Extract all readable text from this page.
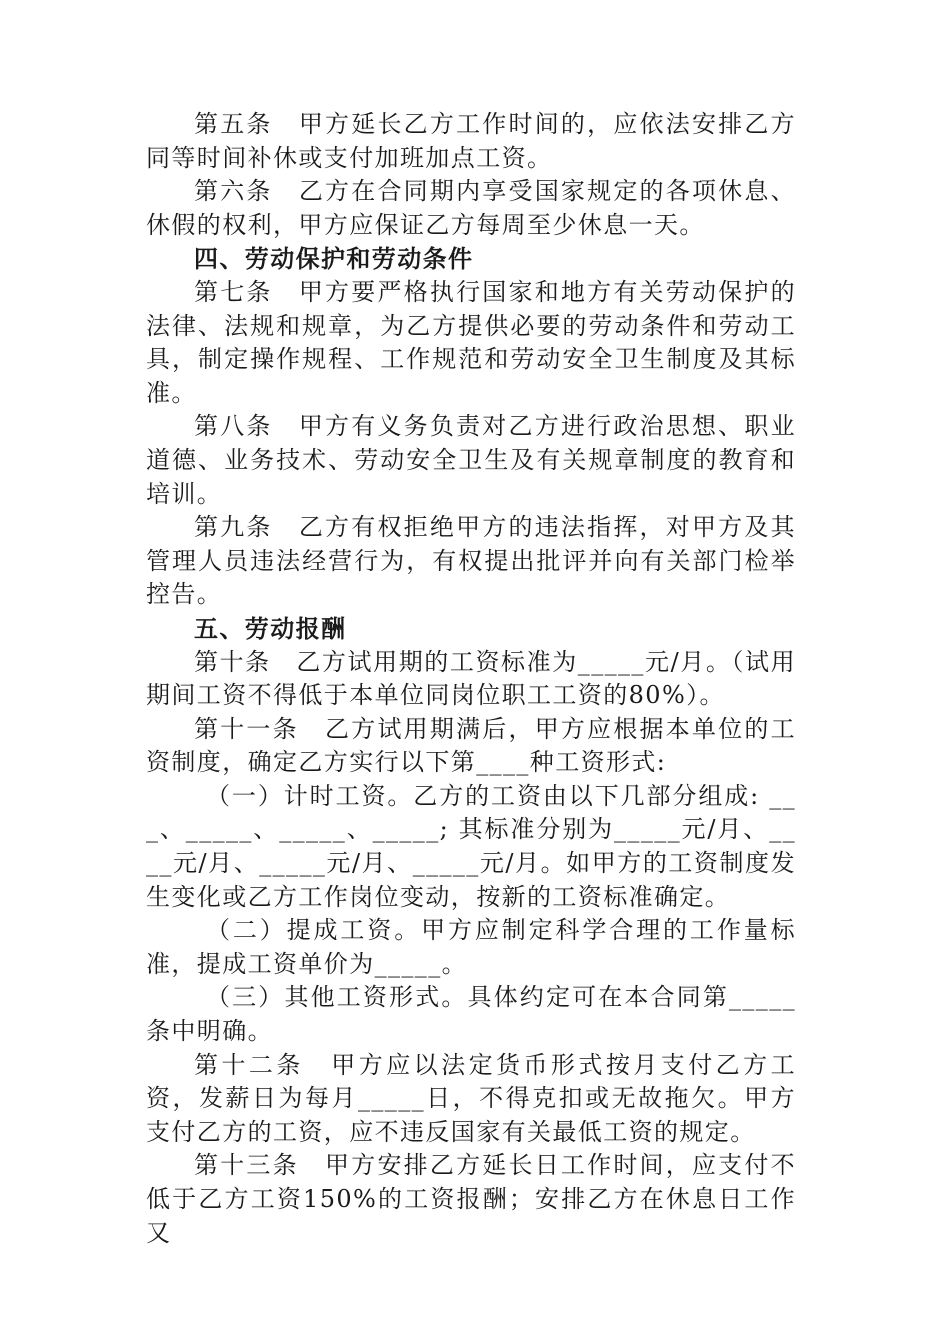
第五条　甲方延长乙方工作时间的，应依法安排乙方同等时间补休或支付加班加点工资。

第六条　乙方在合同期内享受国家规定的各项休息、休假的权利，甲方应保证乙方每周至少休息一天。

四、劳动保护和劳动条件

第七条　甲方要严格执行国家和地方有关劳动保护的法律、法规和规章，为乙方提供必要的劳动条件和劳动工具，制定操作规程、工作规范和劳动安全卫生制度及其标准。

第八条　甲方有义务负责对乙方进行政治思想、职业道德、业务技术、劳动安全卫生及有关规章制度的教育和培训。

第九条　乙方有权拒绝甲方的违法指挥，对甲方及其管理人员违法经营行为，有权提出批评并向有关部门检举控告。

五、劳动报酬

第十条　乙方试用期的工资标准为_____元/月。（试用期间工资不得低于本单位同岗位职工工资的80%）。

第十一条　乙方试用期满后，甲方应根据本单位的工资制度，确定乙方实行以下第____种工资形式:

（一）计时工资。乙方的工资由以下几部分组成: ___、_____、_____、_____; 其标准分别为_____元/月、____元/月、_____元/月、_____元/月。如甲方的工资制度发生变化或乙方工作岗位变动，按新的工资标准确定。

（二）提成工资。甲方应制定科学合理的工作量标准，提成工资单价为_____。

（三）其他工资形式。具体约定可在本合同第_____条中明确。

第十二条　甲方应以法定货币形式按月支付乙方工资，发薪日为每月_____日，不得克扣或无故拖欠。甲方支付乙方的工资，应不违反国家有关最低工资的规定。

第十三条　甲方安排乙方延长日工作时间，应支付不低于乙方工资150%的工资报酬；安排乙方在休息日工作又
